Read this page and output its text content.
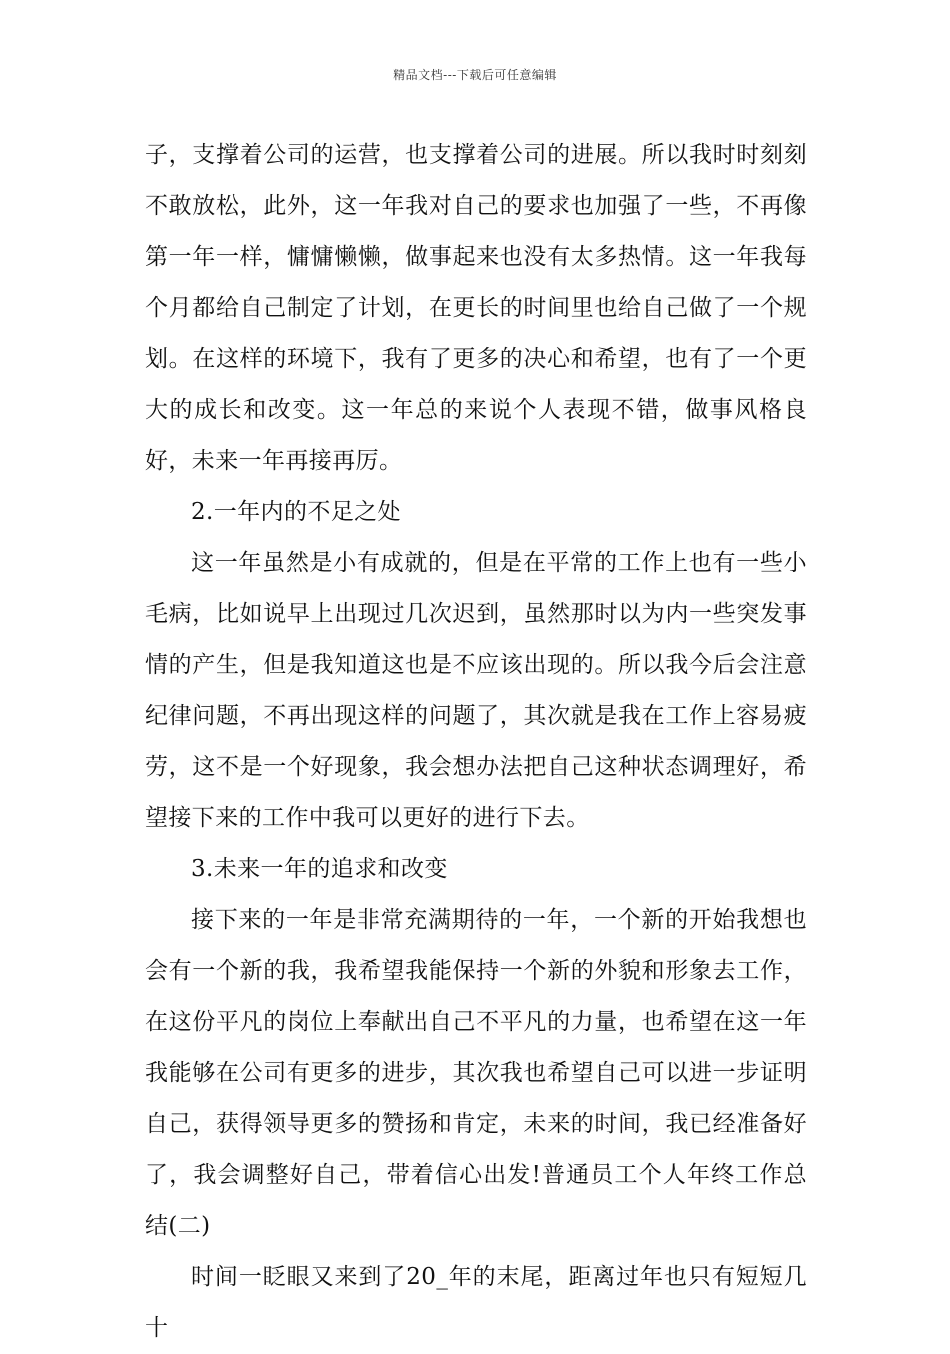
精品文档---下载后可任意编辑

子，支撑着公司的运营，也支撑着公司的进展。所以我时时刻刻不敢放松，此外，这一年我对自己的要求也加强了一些，不再像第一年一样，慵慵懒懒，做事起来也没有太多热情。这一年我每个月都给自己制定了计划，在更长的时间里也给自己做了一个规划。在这样的环境下，我有了更多的决心和希望，也有了一个更大的成长和改变。这一年总的来说个人表现不错，做事风格良好，未来一年再接再厉。

2.一年内的不足之处

这一年虽然是小有成就的，但是在平常的工作上也有一些小毛病，比如说早上出现过几次迟到，虽然那时以为内一些突发事情的产生，但是我知道这也是不应该出现的。所以我今后会注意纪律问题，不再出现这样的问题了，其次就是我在工作上容易疲劳，这不是一个好现象，我会想办法把自己这种状态调理好，希望接下来的工作中我可以更好的进行下去。

3.未来一年的追求和改变

接下来的一年是非常充满期待的一年，一个新的开始我想也会有一个新的我，我希望我能保持一个新的外貌和形象去工作，在这份平凡的岗位上奉献出自己不平凡的力量，也希望在这一年我能够在公司有更多的进步，其次我也希望自己可以进一步证明自己，获得领导更多的赞扬和肯定，未来的时间，我已经准备好了，我会调整好自己，带着信心出发!普通员工个人年终工作总结(二)

时间一眨眼又来到了20_年的末尾，距离过年也只有短短几十
